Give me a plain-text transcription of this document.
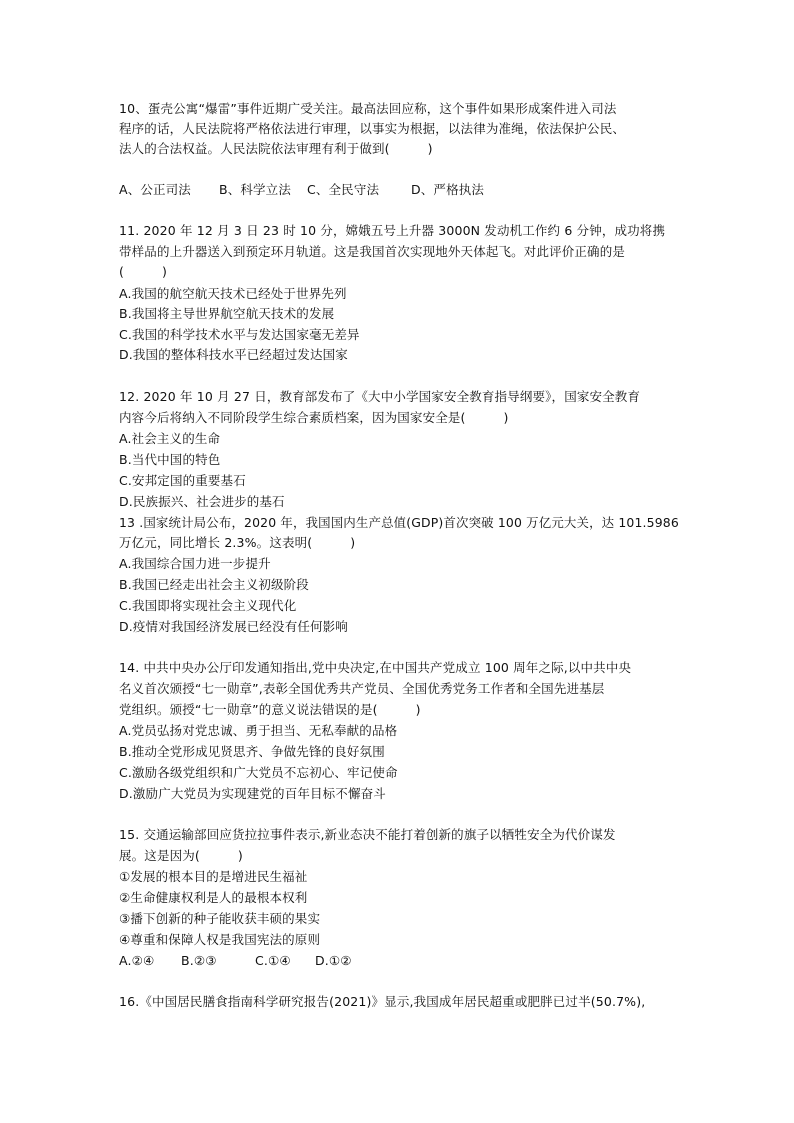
10、蛋壳公寓“爆雷”事件近期广受关注。最高法回应称，这个事件如果形成案件进入司法
程序的话，人民法院将严格依法进行审理，以事实为根据，以法律为准绳，依法保护公民、
法人的合法权益。人民法院依法审理有利于做到(　　　)
A、公正司法 B、科学立法 C、全民守法	D、严格执法
11. 2020 年 12 月 3 日 23 时 10 分，嫦娥五号上升器 3000N 发动机工作约 6 分钟，成功将携
带样品的上升器送入到预定环月轨道。这是我国首次实现地外天体起飞。对此评价正确的是
(　　　)
A.我国的航空航天技术已经处于世界先列
B.我国将主导世界航空航天技术的发展
C.我国的科学技术水平与发达国家毫无差异
D.我国的整体科技水平已经超过发达国家
12. 2020 年 10 月 27 日，教育部发布了《大中小学国家安全教育指导纲要》，国家安全教育
内容今后将纳入不同阶段学生综合素质档案，因为国家安全是(　　　)
A.社会主义的生命
B.当代中国的特色
C.安邦定国的重要基石
D.民族振兴、社会进步的基石
13 .国家统计局公布，2020 年，我国国内生产总值(GDP)首次突破 100 万亿元大关，达 101.5986
万亿元，同比增长 2.3%。这表明(　　　)
A.我国综合国力进一步提升
B.我国已经走出社会主义初级阶段
C.我国即将实现社会主义现代化
D.疫情对我国经济发展已经没有任何影响
14. 中共中央办公厅印发通知指出,党中央决定,在中国共产党成立 100 周年之际,以中共中央
名义首次颁授“七一勋章”,表彰全国优秀共产党员、全国优秀党务工作者和全国先进基层
党组织。颁授“七一勋章”的意义说法错误的是(　　　)
A.党员弘扬对党忠诚、勇于担当、无私奉献的品格
B.推动全党形成见贤思齐、争做先锋的良好氛围
C.激励各级党组织和广大党员不忘初心、牢记使命
D.激励广大党员为实现建党的百年目标不懈奋斗
15. 交通运输部回应货拉拉事件表示,新业态决不能打着创新的旗子以牺牲安全为代价谋发
展。这是因为(　　　)
①发展的根本目的是增进民生福祉
②生命健康权利是人的最根本权利
③播下创新的种子能收获丰硕的果实
④尊重和保障人权是我国宪法的原则
A.②④ B.②③	C.①④ D.①②
16.《中国居民膳食指南科学研究报告(2021)》显示,我国成年居民超重或肥胖已过半(50.7%),
